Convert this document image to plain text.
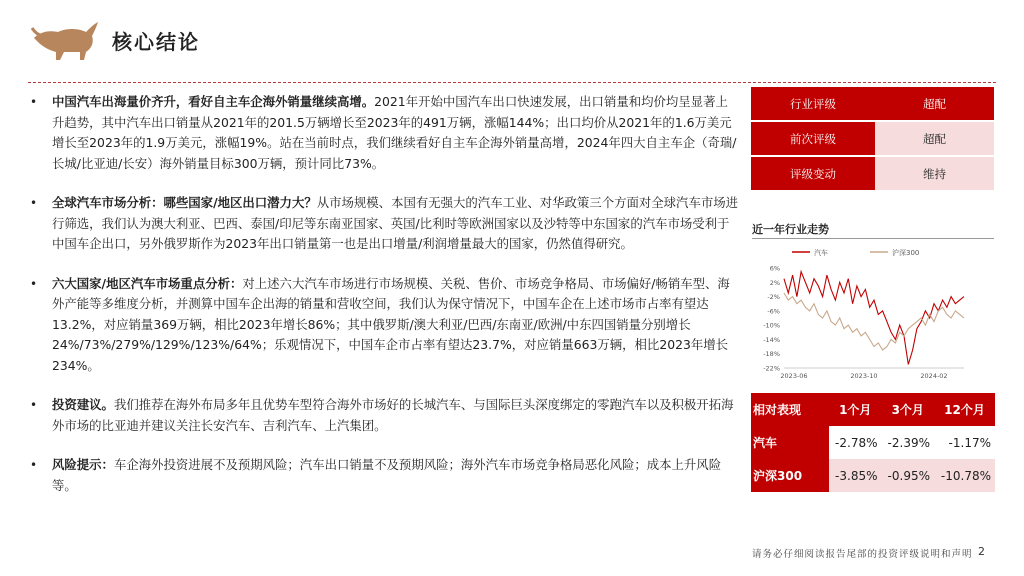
核心结论
• 中国汽车出海量价齐升，看好自主车企海外销量继续高增。2021年开始中国汽车出口快速发展，出口销量和均价均呈显著上升趋势，其中汽车出口销量从2021年的201.5万辆增长至2023年的491万辆，涨幅144%；出口均价从2021年的1.6万美元增长至2023年的1.9万美元，涨幅19%。站在当前时点，我们继续看好自主车企海外销量高增，2024年四大自主车企（奇瑞/长城/比亚迪/长安）海外销量目标300万辆，预计同比73%。
• 全球汽车市场分析：哪些国家/地区出口潜力大？从市场规模、本国有无强大的汽车工业、对华政策三个方面对全球汽车市场进行筛选，我们认为澳大利亚、巴西、泰国/印尼等东南亚国家、英国/比利时等欧洲国家以及沙特等中东国家的汽车市场受利于中国车企出口，另外俄罗斯作为2023年出口销量第一也是出口增量/利润增量最大的国家，仍然值得研究。
• 六大国家/地区汽车市场重点分析：对上述六大汽车市场进行市场规模、关税、售价、市场竞争格局、市场偏好/畅销车型、海外产能等多维度分析，并测算中国车企出海的销量和营收空间，我们认为保守情况下，中国车企在上述市场市占率有望达13.2%，对应销量369万辆，相比2023年增长86%；其中俄罗斯/澳大利亚/巴西/东南亚/欧洲/中东四国销量分别增长24%/73%/279%/129%/123%/64%；乐观情况下，中国车企市占率有望达23.7%，对应销量663万辆，相比2023年增长234%。
• 投资建议。我们推荐在海外布局多年且优势车型符合海外市场好的长城汽车、与国际巨头深度绑定的零跑汽车以及积极开拓海外市场的比亚迪并建议关注长安汽车、吉利汽车、上汽集团。
• 风险提示：车企海外投资进展不及预期风险；汽车出口销量不及预期风险；海外汽车市场竞争格局恶化风险；成本上升风险等。
行业评级	超配
前次评级	超配
评级变动	维持
近一年行业走势
汽车	沪深300
6%
2%
-2%
-6%
-10%
-14%
-18%
-22%
2023-06	2023-10	2024-02
相对表现	1个月	3个月	12个月
汽车	-2.78%	-2.39%	-1.17%
沪深300	-3.85%	-0.95%	-10.78%
请务必仔细阅读报告尾部的投资评级说明和声明 2
